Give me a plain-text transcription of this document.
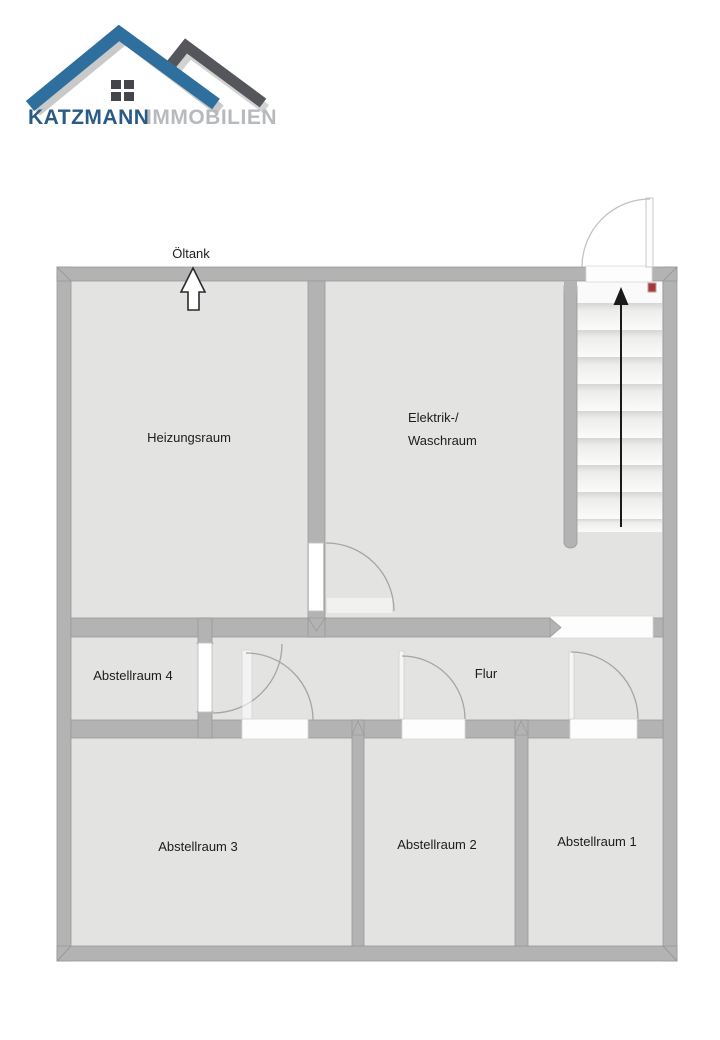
KATZMANN IMMOBILIEN
Öltank
Heizungsraum
Elektrik-/
Waschraum
Abstellraum 4	Flur
Abstellraum 3	Abstellraum 2	Abstellraum 1
